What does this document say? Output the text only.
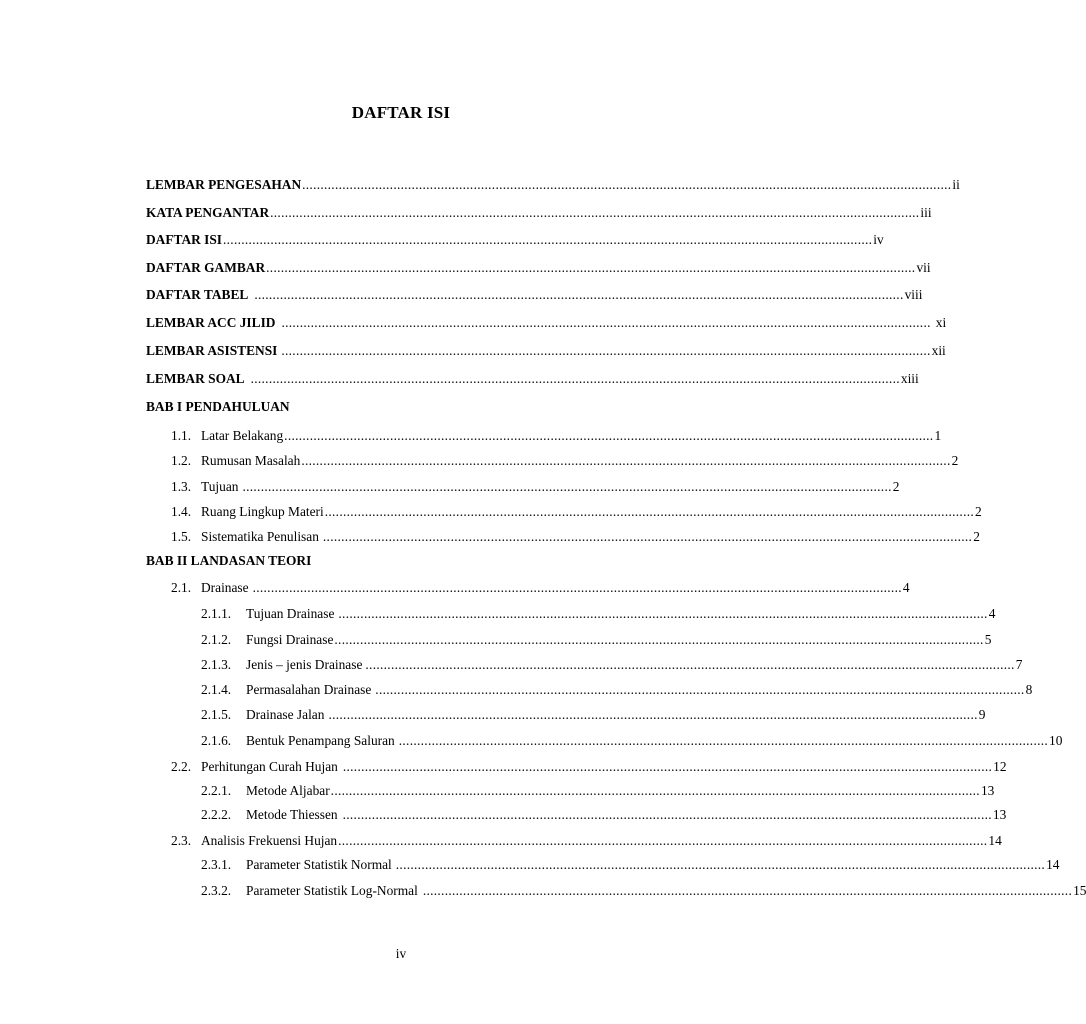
DAFTAR ISI
LEMBAR PENGESAHAN .................................................................................................................................................................................. ii
KATA PENGANTAR .................................................................................................................................................................................. iii
DAFTAR ISI .................................................................................................................................................................................. iv
DAFTAR GAMBAR .................................................................................................................................................................................. vii
DAFTAR TABEL .................................................................................................................................................................................. viii
LEMBAR ACC JILID .................................................................................................................................................................................. xi
LEMBAR ASISTENSI .................................................................................................................................................................................. xii
LEMBAR SOAL .................................................................................................................................................................................. xiii
BAB I PENDAHULUAN
1.1. Latar Belakang .................................................................................................................................................................................. 1
1.2. Rumusan Masalah .................................................................................................................................................................................. 2
1.3. Tujuan .................................................................................................................................................................................. 2
1.4. Ruang Lingkup Materi .................................................................................................................................................................................. 2
1.5. Sistematika Penulisan .................................................................................................................................................................................. 2
BAB II LANDASAN TEORI
2.1. Drainase .................................................................................................................................................................................. 4
2.1.1. Tujuan Drainase .................................................................................................................................................................................. 4
2.1.2. Fungsi Drainase .................................................................................................................................................................................. 5
2.1.3. Jenis – jenis Drainase .................................................................................................................................................................................. 7
2.1.4. Permasalahan Drainase .................................................................................................................................................................................. 8
2.1.5. Drainase Jalan .................................................................................................................................................................................. 9
2.1.6. Bentuk Penampang Saluran .................................................................................................................................................................................. 10
2.2. Perhitungan Curah Hujan .................................................................................................................................................................................. 12
2.2.1. Metode Aljabar .................................................................................................................................................................................. 13
2.2.2. Metode Thiessen .................................................................................................................................................................................. 13
2.3. Analisis Frekuensi Hujan .................................................................................................................................................................................. 14
2.3.1. Parameter Statistik Normal .................................................................................................................................................................................. 14
2.3.2. Parameter Statistik Log-Normal .................................................................................................................................................................................. 15
iv
